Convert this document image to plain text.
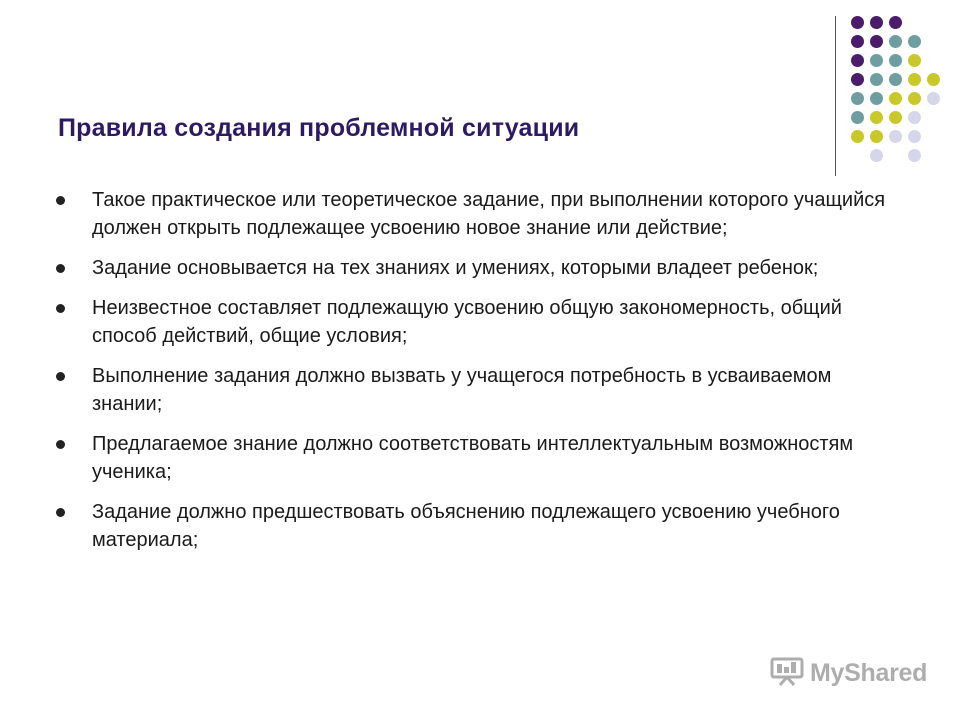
Правила создания проблемной ситуации
Такое практическое или теоретическое задание, при выполнении которого учащийся должен открыть подлежащее усвоению новое знание или действие;
Задание основывается на тех знаниях и умениях, которыми владеет ребенок;
Неизвестное составляет подлежащую усвоению общую закономерность, общий способ действий, общие условия;
Выполнение задания должно вызвать у учащегося потребность в усваиваемом знании;
Предлагаемое знание должно соответствовать интеллектуальным возможностям ученика;
Задание должно предшествовать объяснению подлежащего усвоению учебного материала;
MyShared
